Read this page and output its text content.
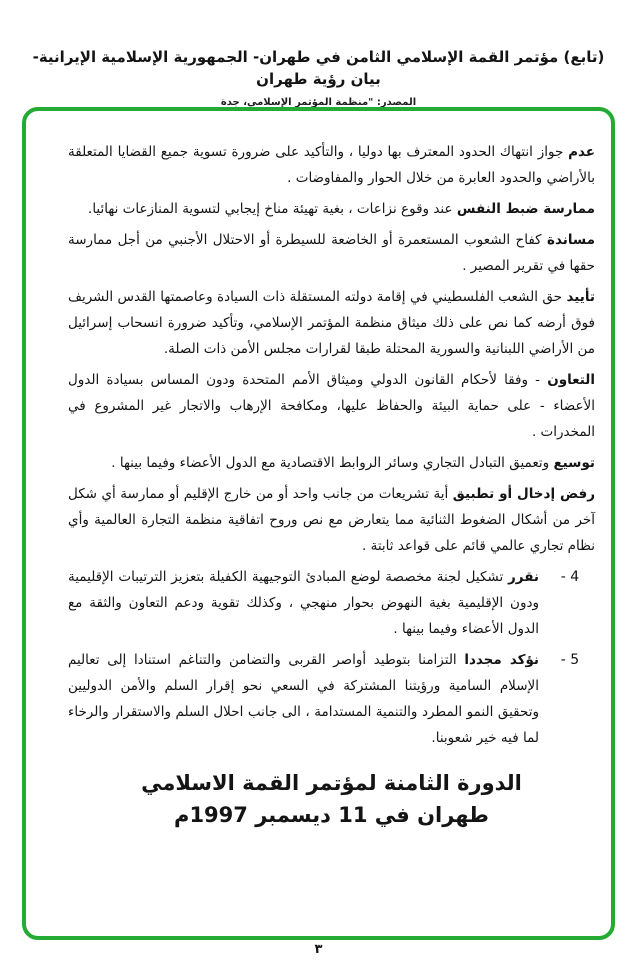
(تابع) مؤتمر القمة الإسلامي الثامن في طهران- الجمهورية الإسلامية الإيرانية- بيان رؤية طهران
المصدر: "منظمة المؤتمر الإسلامي، جدة

عدم جواز انتهاك الحدود المعترف بها دوليا ، والتأكيد على ضرورة تسوية جميع القضايا المتعلقة بالأراضي والحدود العابرة من خلال الحوار والمفاوضات .

ممارسة ضبط النفس عند وقوع نزاعات ، بغية تهيئة مناخ إيجابي لتسوية المنازعات نهائيا.

مساندة كفاح الشعوب المستعمرة أو الخاضعة للسيطرة أو الاحتلال الأجنبي من أجل ممارسة حقها في تقرير المصير .

تأييد حق الشعب الفلسطيني في إقامة دولته المستقلة ذات السيادة وعاصمتها القدس الشريف فوق أرضه كما نص على ذلك ميثاق منظمة المؤتمر الإسلامي، وتأكيد ضرورة انسحاب إسرائيل من الأراضي اللبنانية والسورية المحتلة طبقا لقرارات مجلس الأمن ذات الصلة.

التعاون - وفقا لأحكام القانون الدولي وميثاق الأمم المتحدة ودون المساس بسيادة الدول الأعضاء - على حماية البيئة والحفاظ عليها، ومكافحة الإرهاب والاتجار غير المشروع في المخدرات .

توسيع وتعميق التبادل التجاري وسائر الروابط الاقتصادية مع الدول الأعضاء وفيما بينها .

رفض إدخال أو تطبيق أية تشريعات من جانب واحد أو من خارج الإقليم أو ممارسة أي شكل آخر من أشكال الضغوط الثنائية مما يتعارض مع نص وروح اتفاقية منظمة التجارة العالمية وأي نظام تجاري عالمي قائم على قواعد ثابتة .

- 4

نقرر تشكيل لجنة مخصصة لوضع المبادئ التوجيهية الكفيلة بتعزيز الترتيبات الإقليمية ودون الإقليمية بغية النهوض بحوار منهجي ، وكذلك تقوية ودعم التعاون والثقة مع الدول الأعضاء وفيما بينها .

- 5

نؤكد مجددا التزامنا بتوطيد أواصر القربى والتضامن والتناغم استنادا إلى تعاليم الإسلام السامية ورؤيتنا المشتركة في السعي نحو إقرار السلم والأمن الدوليين وتحقيق النمو المطرد والتنمية المستدامة ، الى جانب احلال السلم والاستقرار والرخاء لما فيه خير شعوبنا.

الدورة الثامنة لمؤتمر القمة الاسلامي
طهران في 11 ديسمبر 1997م
٣
